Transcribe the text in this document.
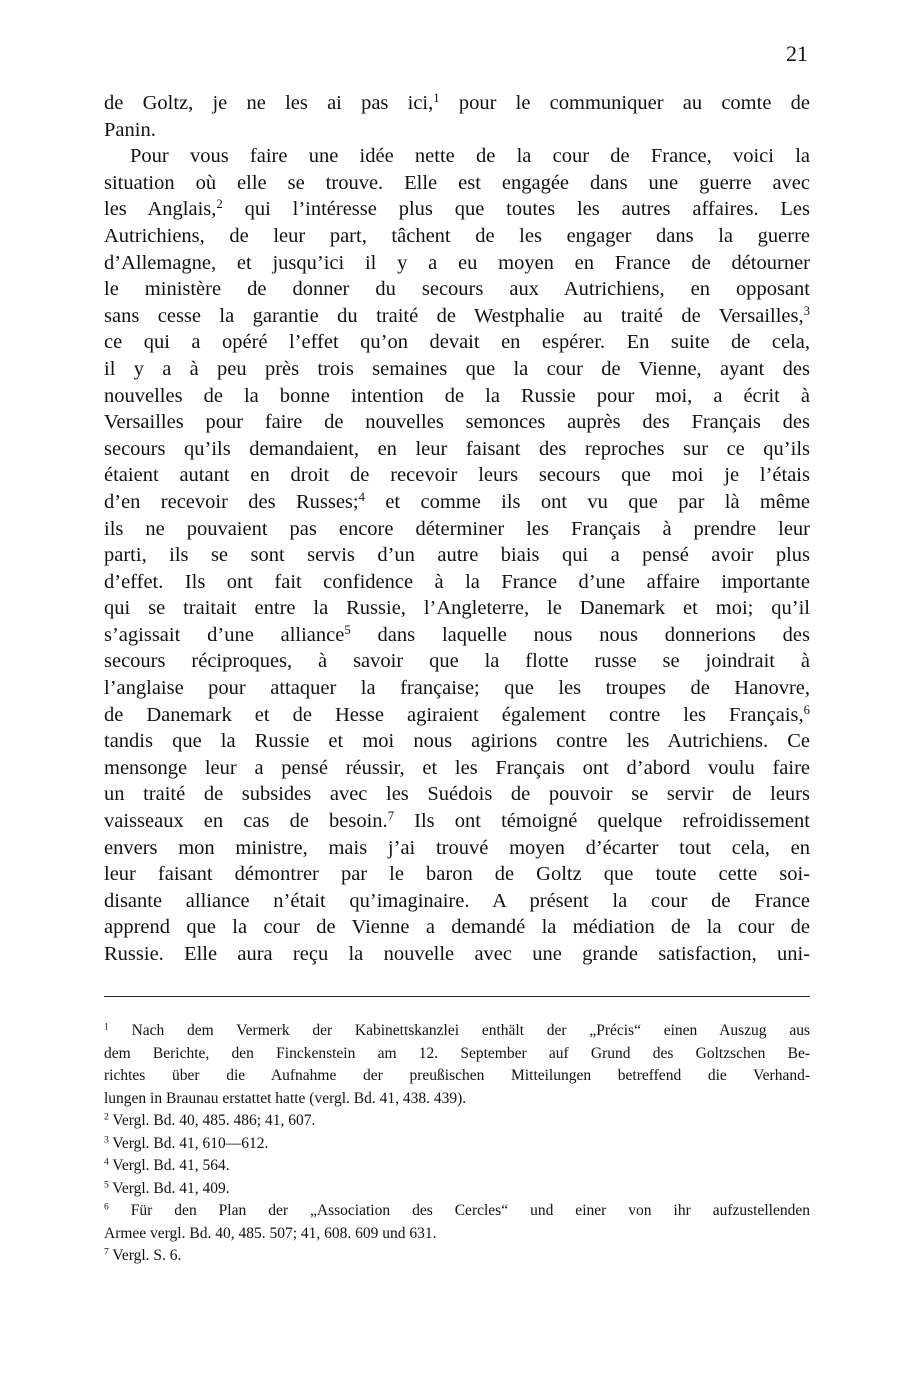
21
de Goltz, je ne les ai pas ici,$^1$ pour le communiquer au comte de
Panin.
Pour vous faire une idée nette de la cour de France, voici la
situation où elle se trouve. Elle est engagée dans une guerre avec
les Anglais,$^2$ qui l’intéresse plus que toutes les autres affaires. Les
Autrichiens, de leur part, tâchent de les engager dans la guerre
d’Allemagne, et jusqu’ici il y a eu moyen en France de détourner
le ministère de donner du secours aux Autrichiens, en opposant
sans cesse la garantie du traité de Westphalie au traité de Versailles,$^3$
ce qui a opéré l’effet qu’on devait en espérer. En suite de cela,
il y a à peu près trois semaines que la cour de Vienne, ayant des
nouvelles de la bonne intention de la Russie pour moi, a écrit à
Versailles pour faire de nouvelles semonces auprès des Français des
secours qu’ils demandaient, en leur faisant des reproches sur ce qu’ils
étaient autant en droit de recevoir leurs secours que moi je l’étais
d’en recevoir des Russes;$^4$ et comme ils ont vu que par là même
ils ne pouvaient pas encore déterminer les Français à prendre leur
parti, ils se sont servis d’un autre biais qui a pensé avoir plus
d’effet. Ils ont fait confidence à la France d’une affaire importante
qui se traitait entre la Russie, l’Angleterre, le Danemark et moi; qu’il
s’agissait d’une alliance$^5$ dans laquelle nous nous donnerions des
secours réciproques, à savoir que la flotte russe se joindrait à
l’anglaise pour attaquer la française; que les troupes de Hanovre,
de Danemark et de Hesse agiraient également contre les Français,$^6$
tandis que la Russie et moi nous agirions contre les Autrichiens. Ce
mensonge leur a pensé réussir, et les Français ont d’abord voulu faire
un traité de subsides avec les Suédois de pouvoir se servir de leurs
vaisseaux en cas de besoin.$^7$ Ils ont témoigné quelque refroidissement
envers mon ministre, mais j’ai trouvé moyen d’écarter tout cela, en
leur faisant démontrer par le baron de Goltz que toute cette soi-
disante alliance n’était qu’imaginaire. A présent la cour de France
apprend que la cour de Vienne a demandé la médiation de la cour de
Russie. Elle aura reçu la nouvelle avec une grande satisfaction, uni-
$^1$ Nach dem Vermerk der Kabinettskanzlei enthält der „Précis“ einen Auszug aus
dem Berichte, den Finckenstein am 12. September auf Grund des Goltzschen Be-
richtes über die Aufnahme der preußischen Mitteilungen betreffend die Verhand-
lungen in Braunau erstattet hatte (vergl. Bd. 41, 438. 439).
$^2$ Vergl. Bd. 40, 485. 486; 41, 607.
$^3$ Vergl. Bd. 41, 610—612.
$^4$ Vergl. Bd. 41, 564.
$^5$ Vergl. Bd. 41, 409.
$^6$ Für den Plan der „Association des Cercles“ und einer von ihr aufzustellenden
Armee vergl. Bd. 40, 485. 507; 41, 608. 609 und 631.
$^7$ Vergl. S. 6.
